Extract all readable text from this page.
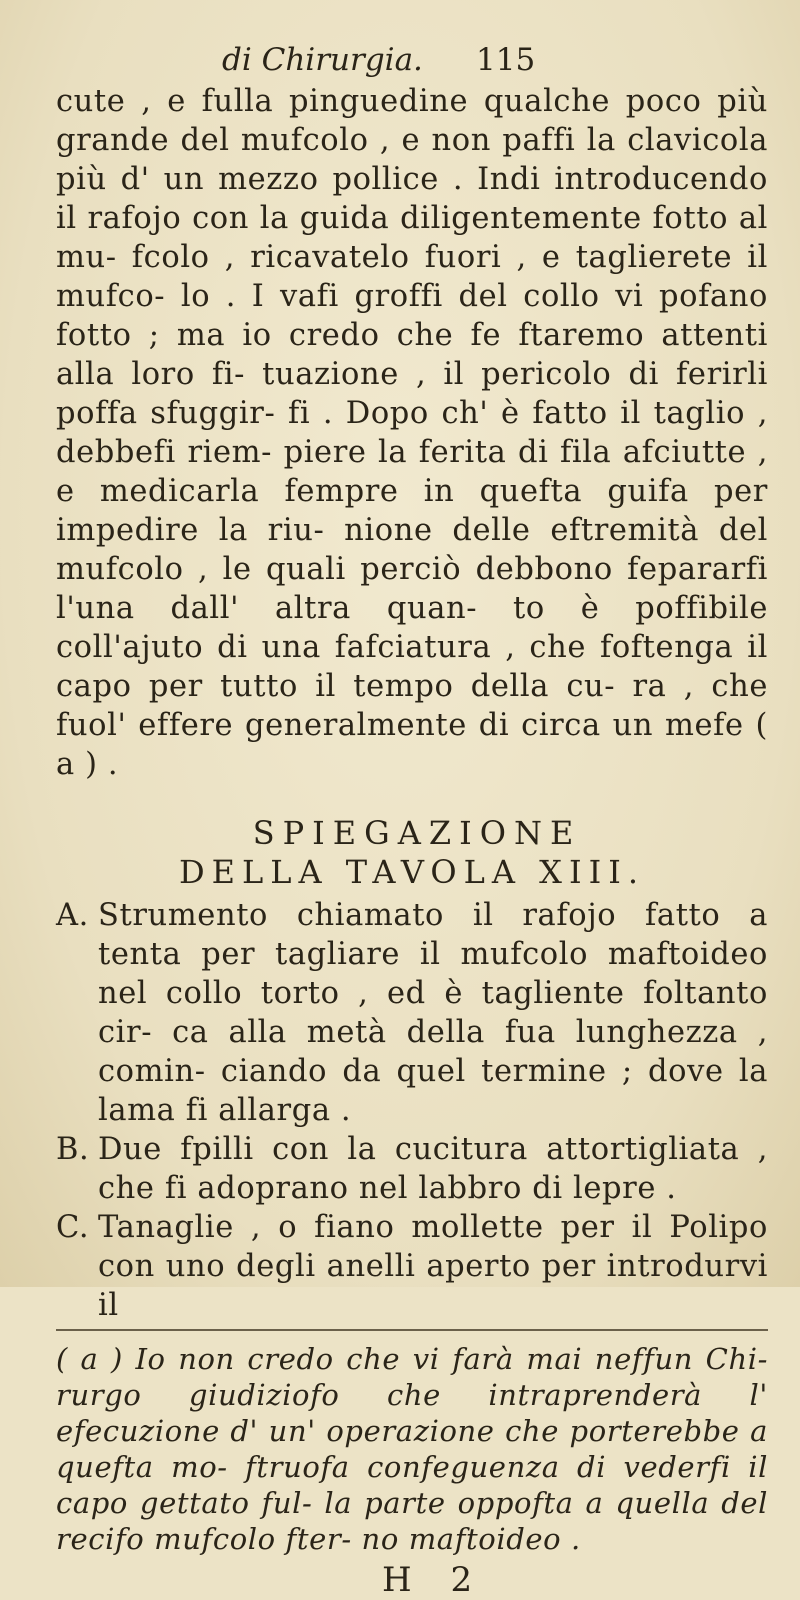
di Chirurgia. 115

cute , e fulla pinguedine qualche poco più grande del mufcolo , e non paffi la clavicola più d' un mezzo pollice . Indi introducendo il rafojo con la guida diligentemente fotto al mu- fcolo , ricavatelo fuori , e taglierete il mufco- lo . I vafi groffi del collo vi pofano fotto ; ma io credo che fe ftaremo attenti alla loro fi- tuazione , il pericolo di ferirli poffa sfuggir- fi . Dopo ch' è fatto il taglio , debbefi riem- piere la ferita di fila afciutte , e medicarla fempre in quefta guifa per impedire la riu- nione delle eftremità del mufcolo , le quali perciò debbono fepararfi l'una dall' altra quan- to è poffibile coll'ajuto di una fafciatura , che foftenga il capo per tutto il tempo della cu- ra , che fuol' effere generalmente di circa un mefe ( a ) .

SPIEGAZIONE
DELLA TAVOLA XIII.

A. Strumento chiamato il rafojo fatto a tenta per tagliare il mufcolo maftoideo nel collo torto , ed è tagliente foltanto cir- ca alla metà della fua lunghezza , comin- ciando da quel termine ; dove la lama fi allarga .

B. Due fpilli con la cucitura attortigliata , che fi adoprano nel labbro di lepre .

C. Tanaglie , o fiano mollette per il Polipo con uno degli anelli aperto per introdurvi il

( a ) Io non credo che vi farà mai neffun Chi- rurgo giudiziofo che intraprenderà l' efecuzione d' un' operazione che porterebbe a quefta mo- ftruofa confeguenza di vederfi il capo gettato ful- la parte oppofta a quella del recifo mufcolo fter- no maftoideo .

H 2
